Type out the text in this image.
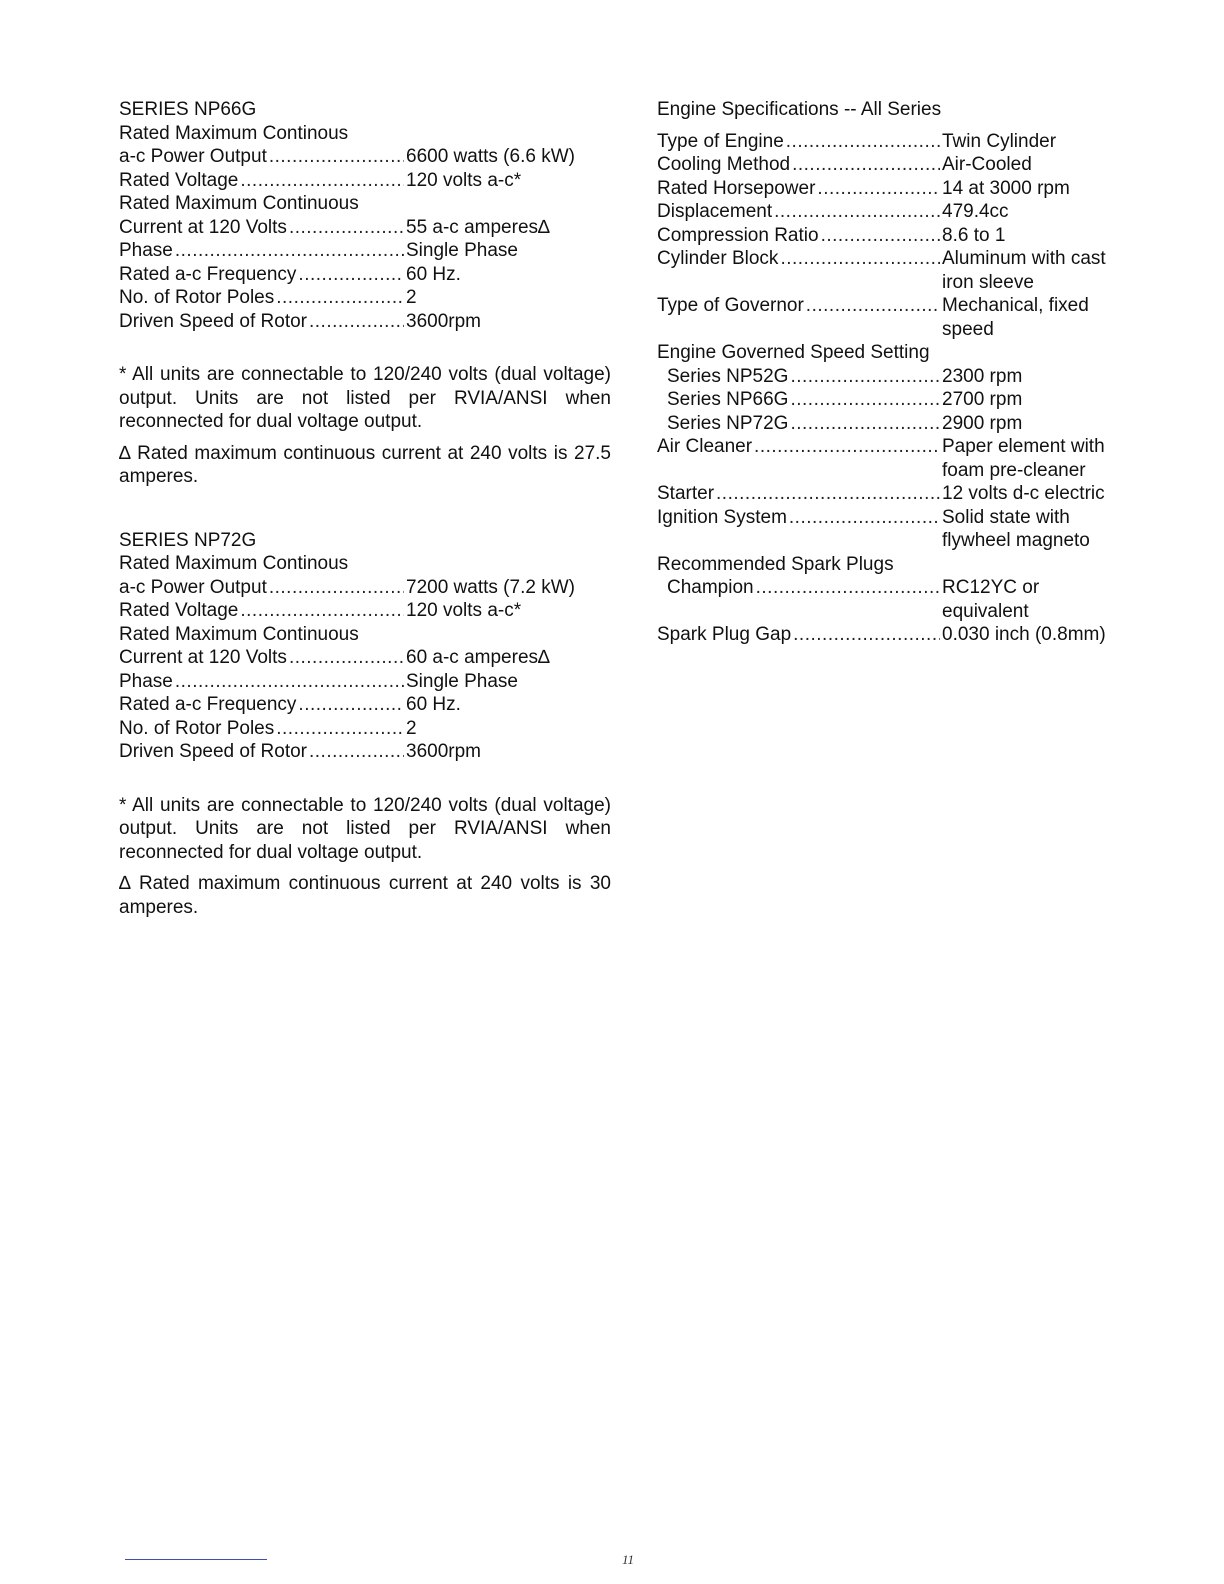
SERIES NP66G
Rated Maximum Continous
a-c Power Output .....	6600 watts (6.6 kW)
Rated Voltage .....	120 volts a-c*
Rated Maximum Continuous
Current at 120 Volts .....	55 a-c amperes∆
Phase .....	Single Phase
Rated a-c Frequency .....	60 Hz.
No. of Rotor Poles .....	2
Driven Speed of Rotor .....	3600rpm

* All units are connectable to 120/240 volts (dual voltage) output. Units are not listed per RVIA/ANSI when reconnected for dual voltage output.

∆ Rated maximum continuous current at 240 volts is 27.5 amperes.

SERIES NP72G
Rated Maximum Continous
a-c Power Output .....	7200 watts (7.2 kW)
Rated Voltage .....	120 volts a-c*
Rated Maximum Continuous
Current at 120 Volts .....	60 a-c amperes∆
Phase .....	Single Phase
Rated a-c Frequency .....	60 Hz.
No. of Rotor Poles .....	2
Driven Speed of Rotor .....	3600rpm

* All units are connectable to 120/240 volts (dual voltage) output. Units are not listed per RVIA/ANSI when reconnected for dual voltage output.

∆ Rated maximum continuous current at 240 volts is 30 amperes.

Engine Specifications -- All Series
Type of Engine .....	Twin Cylinder
Cooling Method .....	Air-Cooled
Rated Horsepower .....	14 at 3000 rpm
Displacement .....	479.4cc
Compression Ratio .....	8.6 to 1
Cylinder Block .....	Aluminum with cast iron sleeve
Type of Governor .....	Mechanical, fixed speed
Engine Governed Speed Setting
Series NP52G .....	2300 rpm
Series NP66G .....	2700 rpm
Series NP72G .....	2900 rpm
Air Cleaner .....	Paper element with foam pre-cleaner
Starter .....	12 volts d-c electric
Ignition System .....	Solid state with flywheel magneto
Recommended Spark Plugs
Champion .....	RC12YC or equivalent
Spark Plug Gap .....	0.030 inch (0.8mm)
11
